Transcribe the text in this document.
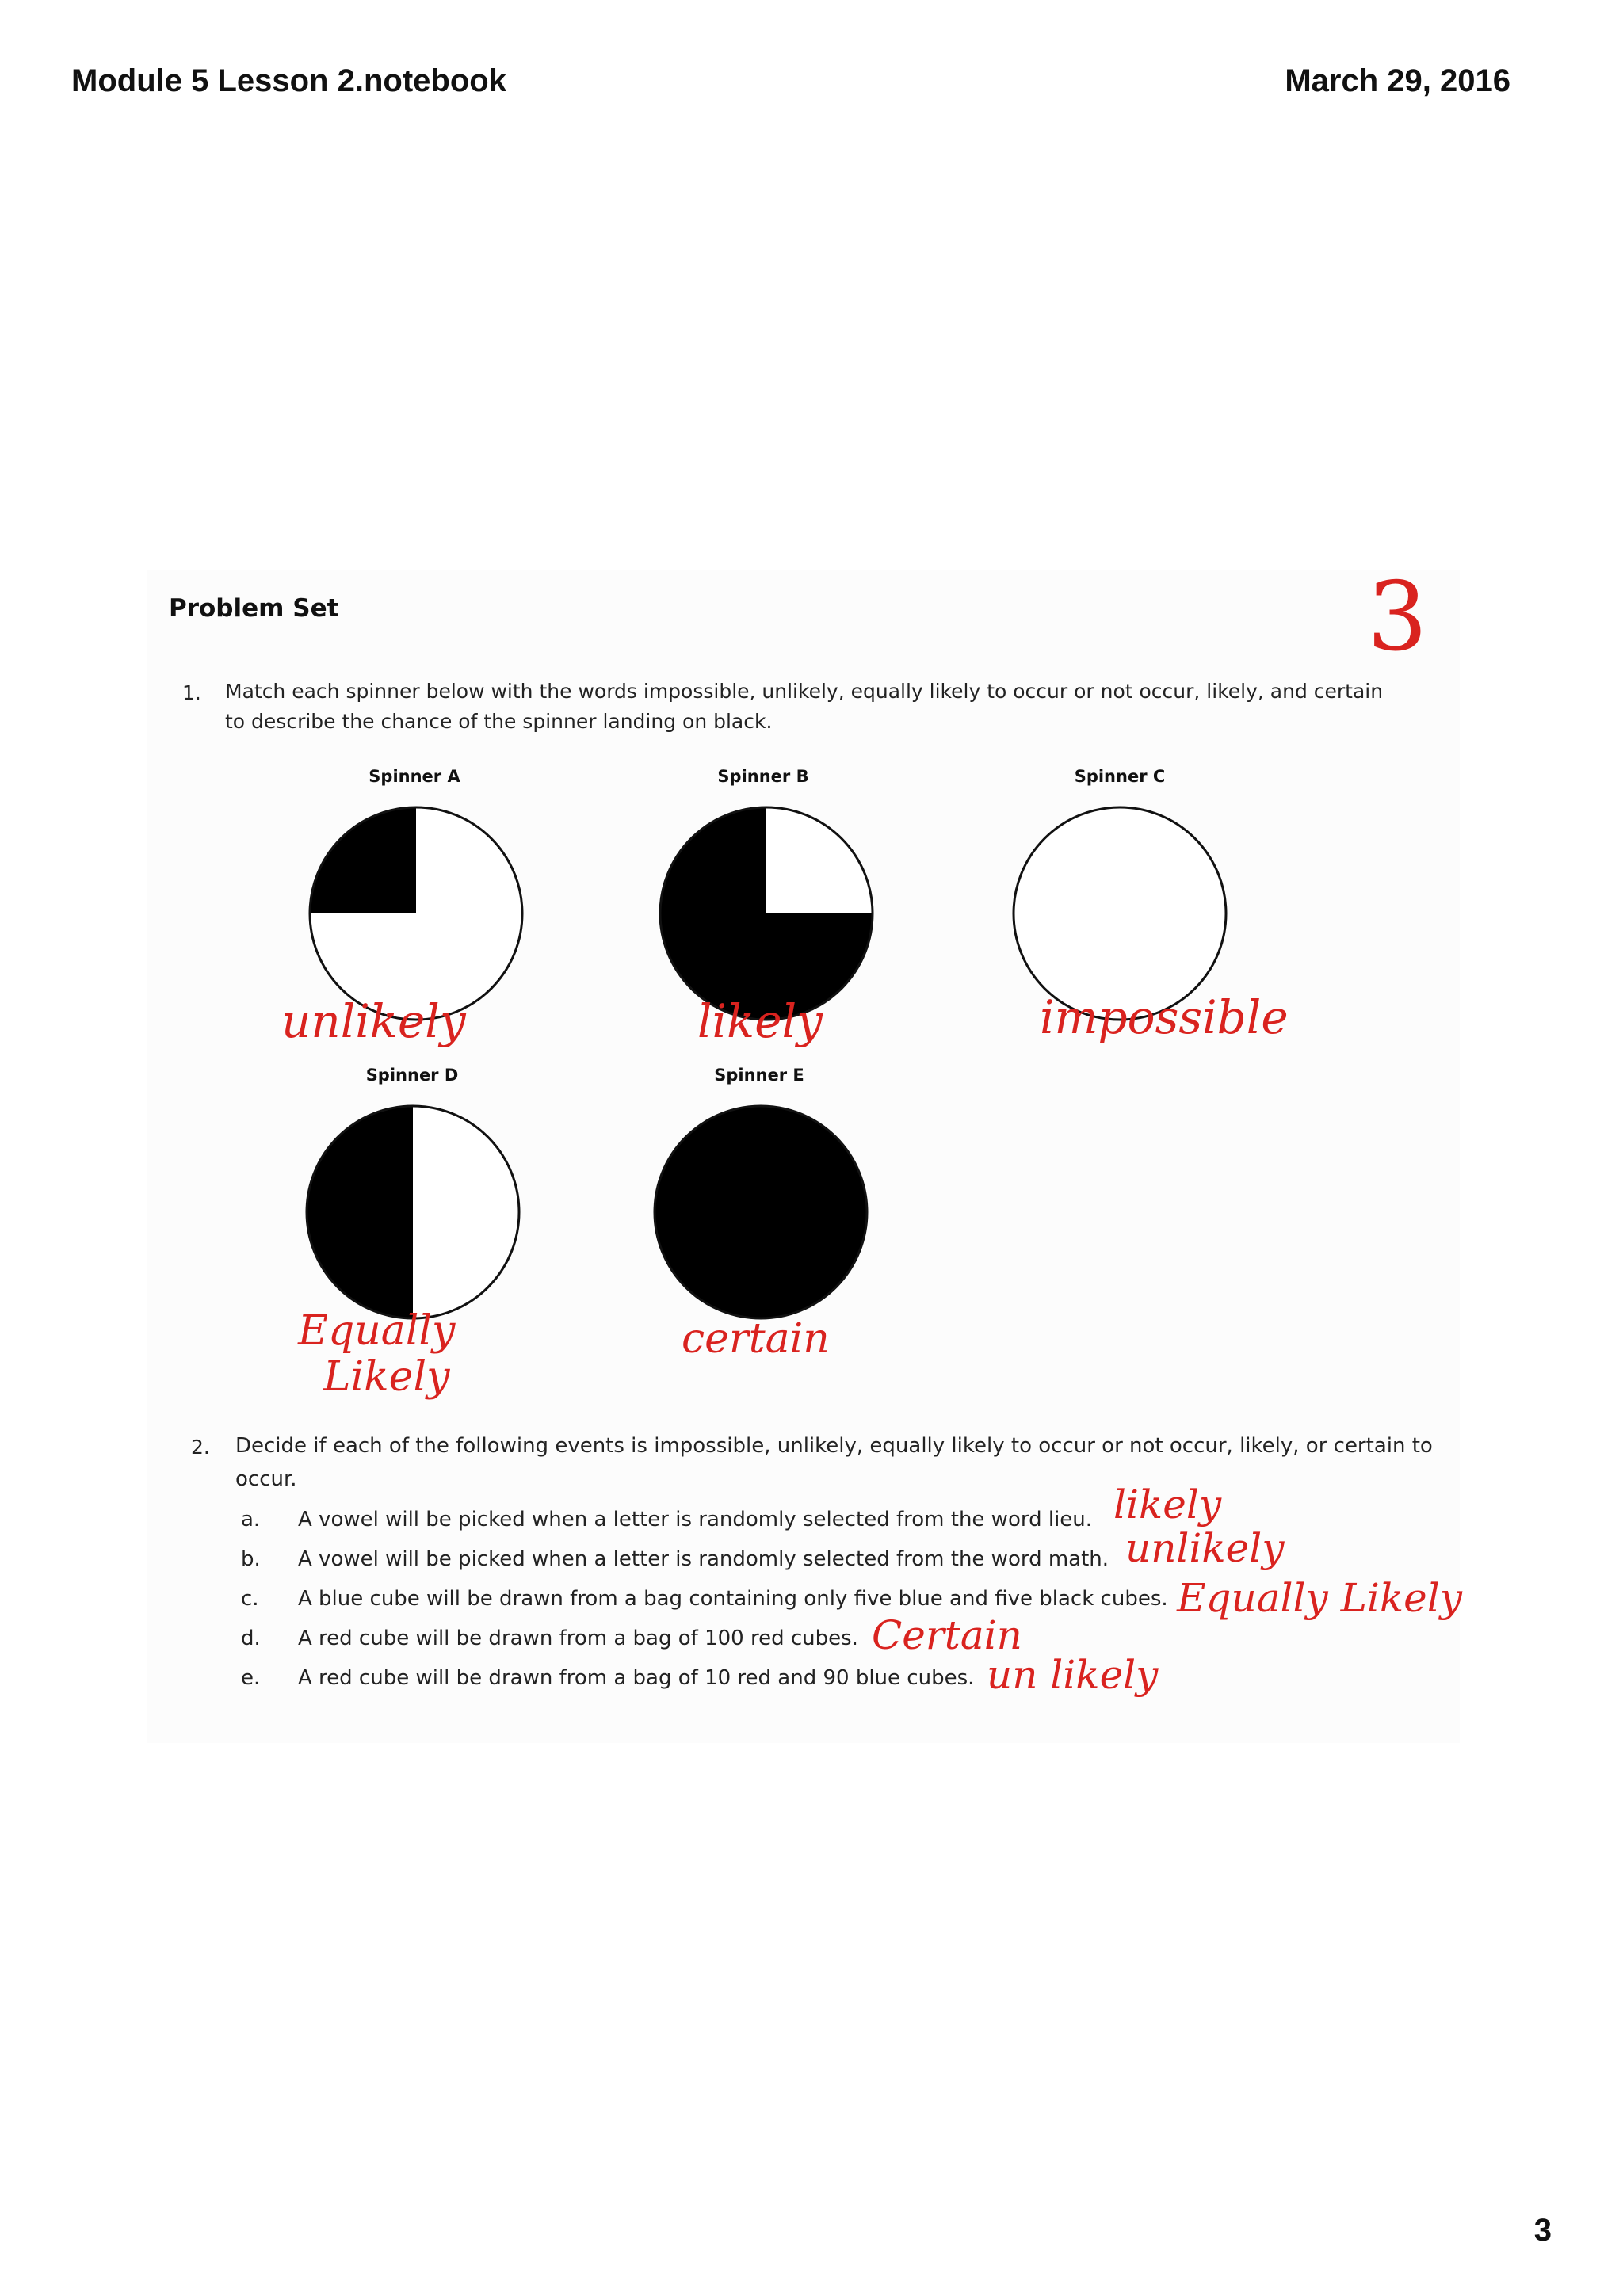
Module 5 Lesson 2.notebook	March 29, 2016
3
Problem Set
1. Match each spinner below with the words impossible, unlikely, equally likely to occur or not occur, likely, and certain
to describe the chance of the spinner landing on black.
Spinner A	Spinner B	Spinner C
Spinner D	Spinner E
unlikely	likely	impossible
Equally
Likely
certain
2. Decide if each of the following events is impossible, unlikely, equally likely to occur or not occur, likely, or certain to
occur.
a. A vowel will be picked when a letter is randomly selected from the word lieu.
b. A vowel will be picked when a letter is randomly selected from the word math.
c. A blue cube will be drawn from a bag containing only five blue and five black cubes.
d. A red cube will be drawn from a bag of 100 red cubes.
e. A red cube will be drawn from a bag of 10 red and 90 blue cubes.
likely
unlikely
Equally Likely
Certain
un likely
3
